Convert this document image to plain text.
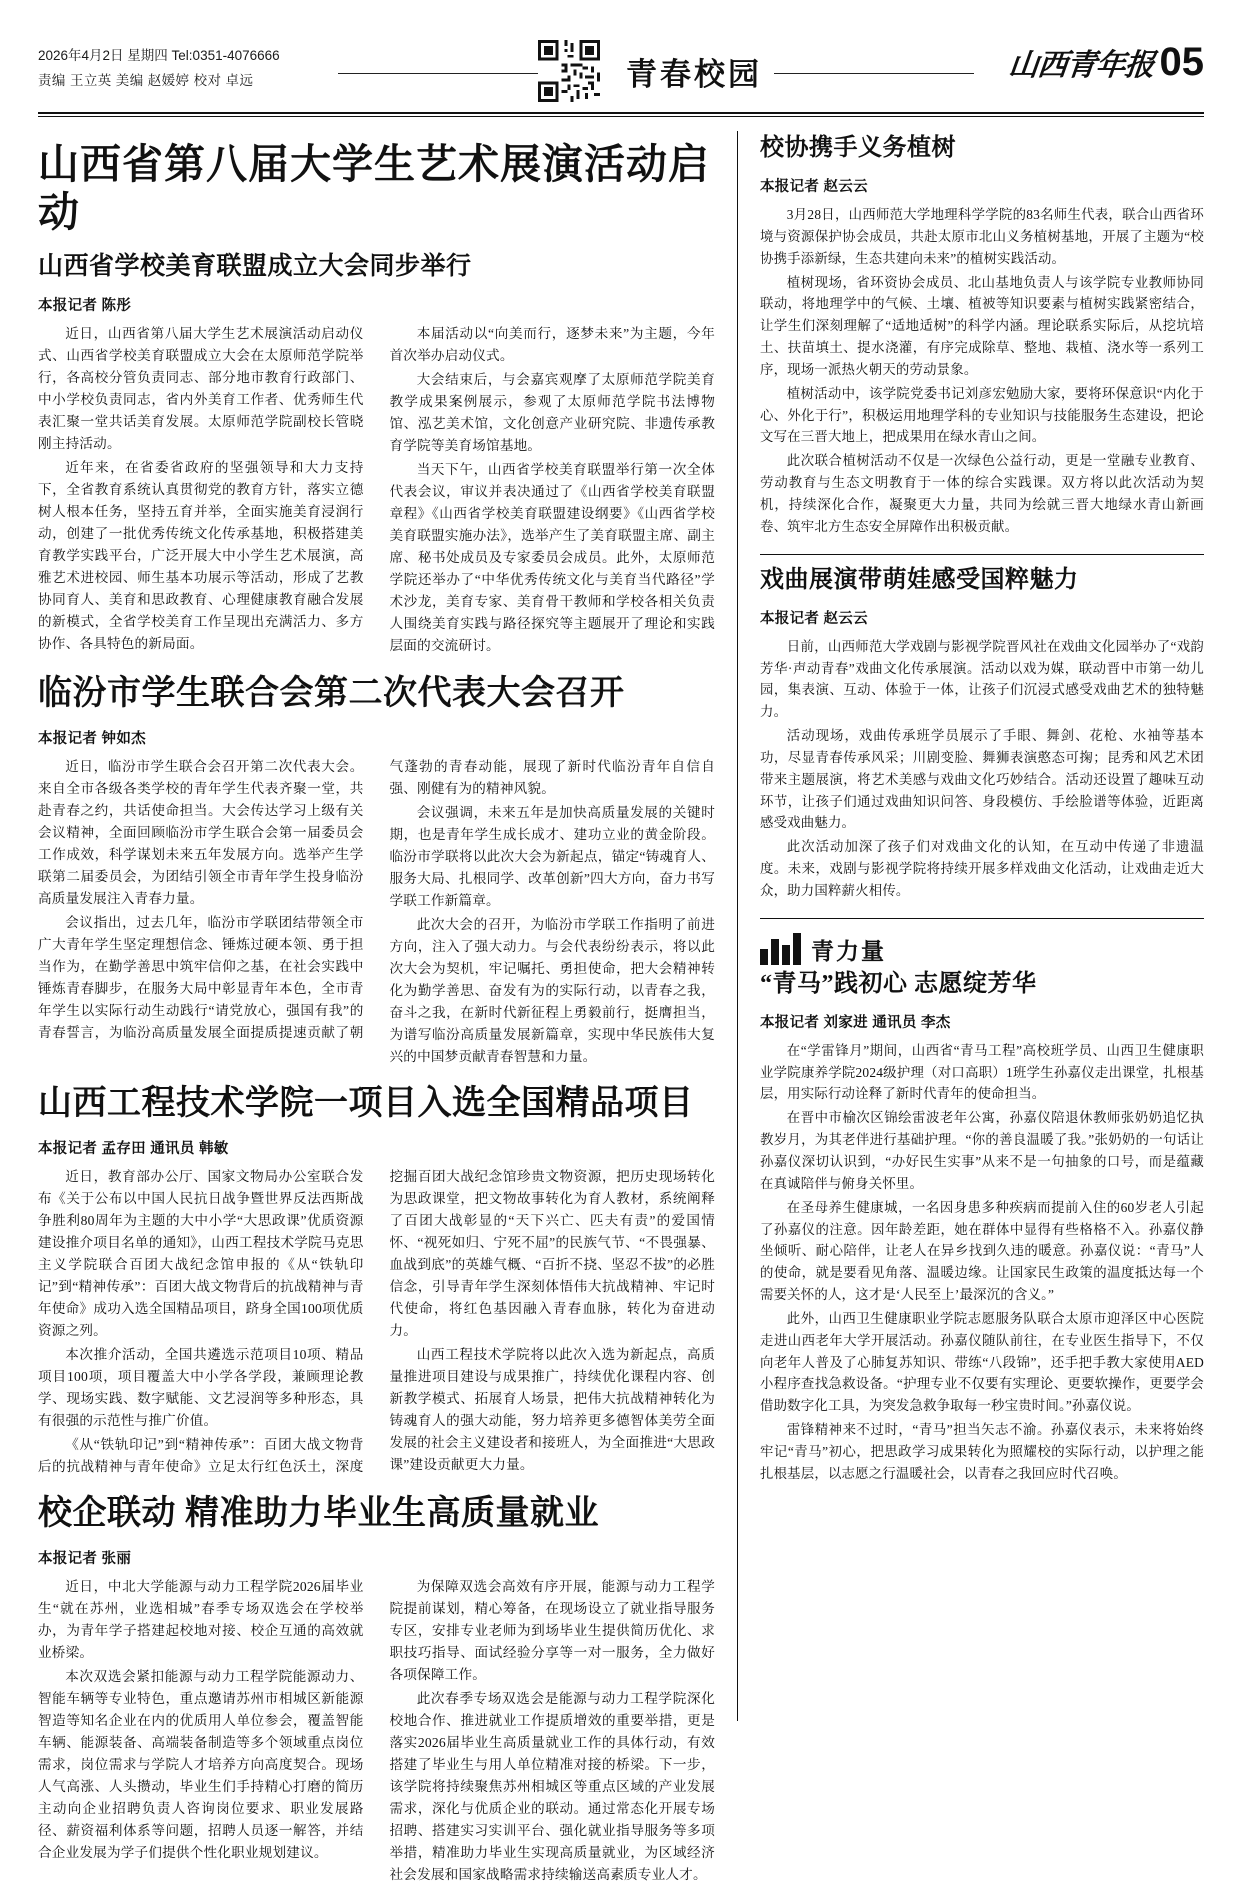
2026年4月2日 星期四 Tel:0351-4076666
责编 王立英 美编 赵媛婷 校对 卓远	青春校园	山西青年报 05
山西省第八届大学生艺术展演活动启动
山西省学校美育联盟成立大会同步举行
本报记者 陈彤

近日，山西省第八届大学生艺术展演活动启动仪式、山西省学校美育联盟成立大会在太原师范学院举行，各高校分管负责同志、部分地市教育行政部门、中小学校负责同志，省内外美育工作者、优秀师生代表汇聚一堂共话美育发展。太原师范学院副校长管晓刚主持活动。

近年来，在省委省政府的坚强领导和大力支持下，全省教育系统认真贯彻党的教育方针，落实立德树人根本任务，坚持五育并举，全面实施美育浸润行动，创建了一批优秀传统文化传承基地，积极搭建美育教学实践平台，广泛开展大中小学生艺术展演，高雅艺术进校园、师生基本功展示等活动，形成了艺教协同育人、美育和思政教育、心理健康教育融合发展的新模式，全省学校美育工作呈现出充满活力、多方协作、各具特色的新局面。

本届活动以“向美而行，逐梦未来”为主题，今年首次举办启动仪式。

大会结束后，与会嘉宾观摩了太原师范学院美育教学成果案例展示，参观了太原师范学院书法博物馆、泓艺美术馆，文化创意产业研究院、非遗传承教育学院等美育场馆基地。

当天下午，山西省学校美育联盟举行第一次全体代表会议，审议并表决通过了《山西省学校美育联盟章程》《山西省学校美育联盟建设纲要》《山西省学校美育联盟实施办法》，选举产生了美育联盟主席、副主席、秘书处成员及专家委员会成员。此外，太原师范学院还举办了“中华优秀传统文化与美育当代路径”学术沙龙，美育专家、美育骨干教师和学校各相关负责人围绕美育实践与路径探究等主题展开了理论和实践层面的交流研讨。

临汾市学生联合会第二次代表大会召开
本报记者 钟如杰

近日，临汾市学生联合会召开第二次代表大会。来自全市各级各类学校的青年学生代表齐聚一堂，共赴青春之约，共话使命担当。大会传达学习上级有关会议精神，全面回顾临汾市学生联合会第一届委员会工作成效，科学谋划未来五年发展方向。选举产生学联第二届委员会，为团结引领全市青年学生投身临汾高质量发展注入青春力量。

会议指出，过去几年，临汾市学联团结带领全市广大青年学生坚定理想信念、锤炼过硬本领、勇于担当作为，在勤学善思中筑牢信仰之基，在社会实践中锤炼青春脚步，在服务大局中彰显青年本色，全市青年学生以实际行动生动践行“请党放心，强国有我”的青春誓言，为临汾高质量发展全面提质提速贡献了朝气蓬勃的青春动能，展现了新时代临汾青年自信自强、刚健有为的精神风貌。

会议强调，未来五年是加快高质量发展的关键时期，也是青年学生成长成才、建功立业的黄金阶段。临汾市学联将以此次大会为新起点，锚定“铸魂育人、服务大局、扎根同学、改革创新”四大方向，奋力书写学联工作新篇章。

此次大会的召开，为临汾市学联工作指明了前进方向，注入了强大动力。与会代表纷纷表示，将以此次大会为契机，牢记嘱托、勇担使命，把大会精神转化为勤学善思、奋发有为的实际行动，以青春之我，奋斗之我，在新时代新征程上勇毅前行，挺膺担当，为谱写临汾高质量发展新篇章，实现中华民族伟大复兴的中国梦贡献青春智慧和力量。

山西工程技术学院一项目入选全国精品项目
本报记者 孟存田 通讯员 韩敏

近日，教育部办公厅、国家文物局办公室联合发布《关于公布以中国人民抗日战争暨世界反法西斯战争胜利80周年为主题的大中小学“大思政课”优质资源建设推介项目名单的通知》，山西工程技术学院马克思主义学院联合百团大战纪念馆申报的《从“铁轨印记”到“精神传承”：百团大战文物背后的抗战精神与青年使命》成功入选全国精品项目，跻身全国100项优质资源之列。

本次推介活动，全国共遴选示范项目10项、精品项目100项，项目覆盖大中小学各学段，兼顾理论教学、现场实践、数字赋能、文艺浸润等多种形态，具有很强的示范性与推广价值。

《从“铁轨印记”到“精神传承”：百团大战文物背后的抗战精神与青年使命》立足太行红色沃土，深度挖掘百团大战纪念馆珍贵文物资源，把历史现场转化为思政课堂，把文物故事转化为育人教材，系统阐释了百团大战彰显的“天下兴亡、匹夫有责”的爱国情怀、“视死如归、宁死不屈”的民族气节、“不畏强暴、血战到底”的英雄气概、“百折不挠、坚忍不拔”的必胜信念，引导青年学生深刻体悟伟大抗战精神、牢记时代使命，将红色基因融入青春血脉，转化为奋进动力。

山西工程技术学院将以此次入选为新起点，高质量推进项目建设与成果推广，持续优化课程内容、创新教学模式、拓展育人场景，把伟大抗战精神转化为铸魂育人的强大动能，努力培养更多德智体美劳全面发展的社会主义建设者和接班人，为全面推进“大思政课”建设贡献更大力量。

校企联动 精准助力毕业生高质量就业
本报记者 张丽

近日，中北大学能源与动力工程学院2026届毕业生“就在苏州，业选相城”春季专场双选会在学校举办，为青年学子搭建起校地对接、校企互通的高效就业桥梁。

本次双选会紧扣能源与动力工程学院能源动力、智能车辆等专业特色，重点邀请苏州市相城区新能源智造等知名企业在内的优质用人单位参会，覆盖智能车辆、能源装备、高端装备制造等多个领域重点岗位需求，岗位需求与学院人才培养方向高度契合。现场人气高涨、人头攒动，毕业生们手持精心打磨的简历主动向企业招聘负责人咨询岗位要求、职业发展路径、薪资福利体系等问题，招聘人员逐一解答，并结合企业发展为学子们提供个性化职业规划建议。

为保障双选会高效有序开展，能源与动力工程学院提前谋划，精心筹备，在现场设立了就业指导服务专区，安排专业老师为到场毕业生提供简历优化、求职技巧指导、面试经验分享等一对一服务，全力做好各项保障工作。

此次春季专场双选会是能源与动力工程学院深化校地合作、推进就业工作提质增效的重要举措，更是落实2026届毕业生高质量就业工作的具体行动，有效搭建了毕业生与用人单位精准对接的桥梁。下一步，该学院将持续聚焦苏州相城区等重点区域的产业发展需求，深化与优质企业的联动。通过常态化开展专场招聘、搭建实习实训平台、强化就业指导服务等多项举措，精准助力毕业生实现高质量就业，为区域经济社会发展和国家战略需求持续输送高素质专业人才。

校协携手义务植树
本报记者 赵云云

3月28日，山西师范大学地理科学学院的83名师生代表，联合山西省环境与资源保护协会成员，共赴太原市北山义务植树基地，开展了主题为“校协携手添新绿，生态共建向未来”的植树实践活动。

植树现场，省环资协会成员、北山基地负责人与该学院专业教师协同联动，将地理学中的气候、土壤、植被等知识要素与植树实践紧密结合，让学生们深刻理解了“适地适树”的科学内涵。理论联系实际后，从挖坑培土、扶苗填土、提水浇灌，有序完成除草、整地、栽植、浇水等一系列工序，现场一派热火朝天的劳动景象。

植树活动中，该学院党委书记刘彦宏勉励大家，要将环保意识“内化于心、外化于行”，积极运用地理学科的专业知识与技能服务生态建设，把论文写在三晋大地上，把成果用在绿水青山之间。

此次联合植树活动不仅是一次绿色公益行动，更是一堂融专业教育、劳动教育与生态文明教育于一体的综合实践课。双方将以此次活动为契机，持续深化合作，凝聚更大力量，共同为绘就三晋大地绿水青山新画卷、筑牢北方生态安全屏障作出积极贡献。

戏曲展演带萌娃感受国粹魅力
本报记者 赵云云

日前，山西师范大学戏剧与影视学院晋风社在戏曲文化园举办了“戏韵芳华·声动青春”戏曲文化传承展演。活动以戏为媒，联动晋中市第一幼儿园，集表演、互动、体验于一体，让孩子们沉浸式感受戏曲艺术的独特魅力。

活动现场，戏曲传承班学员展示了手眼、舞剑、花枪、水袖等基本功，尽显青春传承风采；川剧变脸、舞狮表演憨态可掬；昆秀和风艺术团带来主题展演，将艺术美感与戏曲文化巧妙结合。活动还设置了趣味互动环节，让孩子们通过戏曲知识问答、身段模仿、手绘脸谱等体验，近距离感受戏曲魅力。

此次活动加深了孩子们对戏曲文化的认知，在互动中传递了非遗温度。未来，戏剧与影视学院将持续开展多样戏曲文化活动，让戏曲走近大众，助力国粹薪火相传。

青力量
“青马”践初心 志愿绽芳华
本报记者 刘家进 通讯员 李杰

在“学雷锋月”期间，山西省“青马工程”高校班学员、山西卫生健康职业学院康养学院2024级护理（对口高职）1班学生孙嘉仪走出课堂，扎根基层，用实际行动诠释了新时代青年的使命担当。

在晋中市榆次区锦绘雷波老年公寓，孙嘉仪陪退休教师张奶奶追忆执教岁月，为其老伴进行基础护理。“你的善良温暖了我。”张奶奶的一句话让孙嘉仪深切认识到，“办好民生实事”从来不是一句抽象的口号，而是蕴藏在真诚陪伴与俯身关怀里。

在圣母养生健康城，一名因身患多种疾病而提前入住的60岁老人引起了孙嘉仪的注意。因年龄差距，她在群体中显得有些格格不入。孙嘉仪静坐倾听、耐心陪伴，让老人在异乡找到久违的暖意。孙嘉仪说：“青马”人的使命，就是要看见角落、温暖边缘。让国家民生政策的温度抵达每一个需要关怀的人，这才是‘人民至上’最深沉的含义。”

此外，山西卫生健康职业学院志愿服务队联合太原市迎泽区中心医院走进山西老年大学开展活动。孙嘉仪随队前往，在专业医生指导下，不仅向老年人普及了心肺复苏知识、带练“八段锦”，还手把手教大家使用AED小程序查找急救设备。“护理专业不仅要有实理论、更要软操作，更要学会借助数字化工具，为突发急救争取每一秒宝贵时间。”孙嘉仪说。

雷锋精神来不过时，“青马”担当矢志不渝。孙嘉仪表示，未来将始终牢记“青马”初心，把思政学习成果转化为照耀校的实际行动，以护理之能扎根基层，以志愿之行温暖社会，以青春之我回应时代召唤。
